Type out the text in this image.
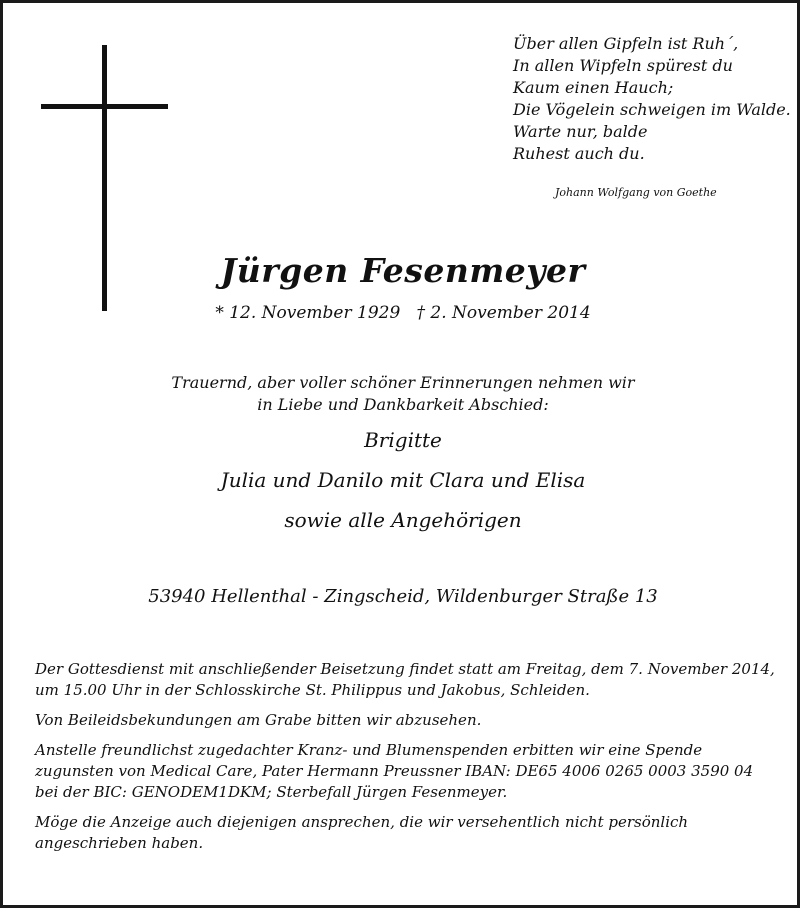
Über allen Gipfeln ist Ruh´,
In allen Wipfeln spürest du
Kaum einen Hauch;
Die Vögelein schweigen im Walde.
Warte nur, balde
Ruhest auch du.
Johann Wolfgang von Goethe
Jürgen Fesenmeyer
* 12. November 1929   † 2. November 2014
Trauernd, aber voller schöner Erinnerungen nehmen wir
in Liebe und Dankbarkeit Abschied:
Brigitte
Julia und Danilo mit Clara und Elisa
sowie alle Angehörigen
53940 Hellenthal - Zingscheid, Wildenburger Straße 13

Der Gottesdienst mit anschließender Beisetzung findet statt am Freitag, dem 7. November 2014, um 15.00 Uhr in der Schlosskirche St. Philippus und Jakobus, Schleiden.

Von Beileidsbekundungen am Grabe bitten wir abzusehen.

Anstelle freundlichst zugedachter Kranz- und Blumenspenden erbitten wir eine Spende zugunsten von Medical Care, Pater Hermann Preussner IBAN: DE65 4006 0265 0003 3590 04 bei der BIC: GENODEM1DKM; Sterbefall Jürgen Fesenmeyer.

Möge die Anzeige auch diejenigen ansprechen, die wir versehentlich nicht persönlich angeschrieben haben.
